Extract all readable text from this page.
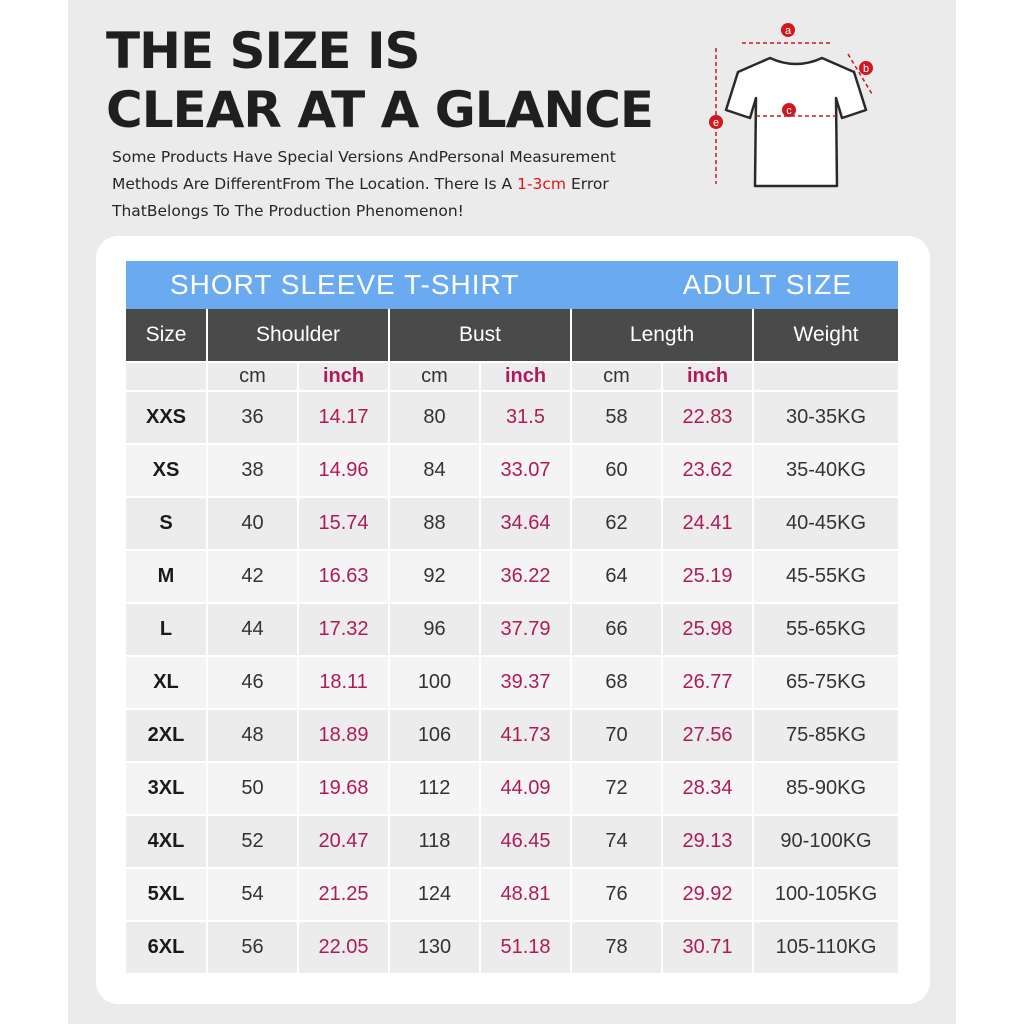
THE SIZE IS
CLEAR AT A GLANCE

Some Products Have Special Versions AndPersonal Measurement
Methods Are DifferentFrom The Location. There Is A 1-3cm Error
ThatBelongs To The Production Phenomenon!

a
b
c
e
SHORT SLEEVE T-SHIRT	ADULT SIZE
Size	Shoulder		Bust		Length		Weight
	cm	inch	cm	inch	cm	inch	
XXS	36	14.17	80	31.5	58	22.83	30-35KG
XS	38	14.96	84	33.07	60	23.62	35-40KG
S	40	15.74	88	34.64	62	24.41	40-45KG
M	42	16.63	92	36.22	64	25.19	45-55KG
L	44	17.32	96	37.79	66	25.98	55-65KG
XL	46	18.11	100	39.37	68	26.77	65-75KG
2XL	48	18.89	106	41.73	70	27.56	75-85KG
3XL	50	19.68	112	44.09	72	28.34	85-90KG
4XL	52	20.47	118	46.45	74	29.13	90-100KG
5XL	54	21.25	124	48.81	76	29.92	100-105KG
6XL	56	22.05	130	51.18	78	30.71	105-110KG
